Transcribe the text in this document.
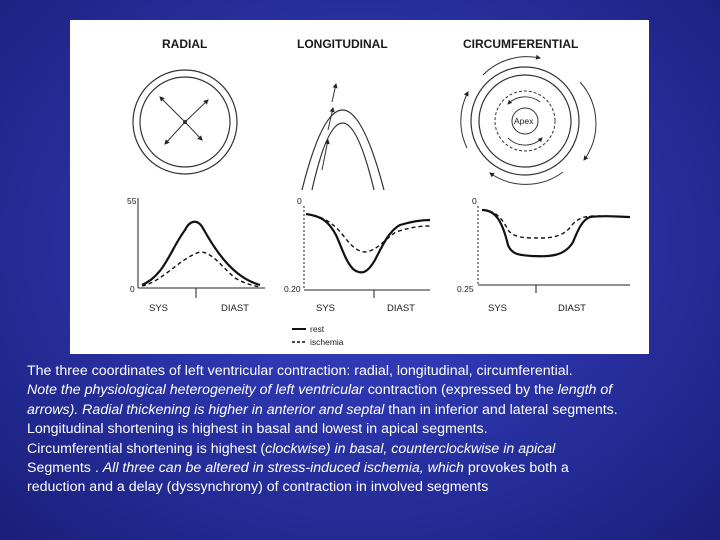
RADIAL	LONGITUDINAL	CIRCUMFERENTIAL
Apex
55
0
SYS	DIAST
0
0.20
SYS	DIAST
0
0.25
SYS	DIAST
rest
ischemia

The three coordinates of left ventricular contraction: radial, longitudinal, circumferential.

Note the physiological heterogeneity of left ventricular contraction (expressed by the length of

arrows). Radial thickening is higher in anterior and septal than in inferior and lateral segments.

Longitudinal shortening is highest in basal and lowest in apical segments.

Circumferential shortening is highest (clockwise) in basal, counterclockwise in apical

Segments . All three can be altered in stress-induced ischemia, which provokes both a

reduction and a delay (dyssynchrony) of contraction in involved segments
